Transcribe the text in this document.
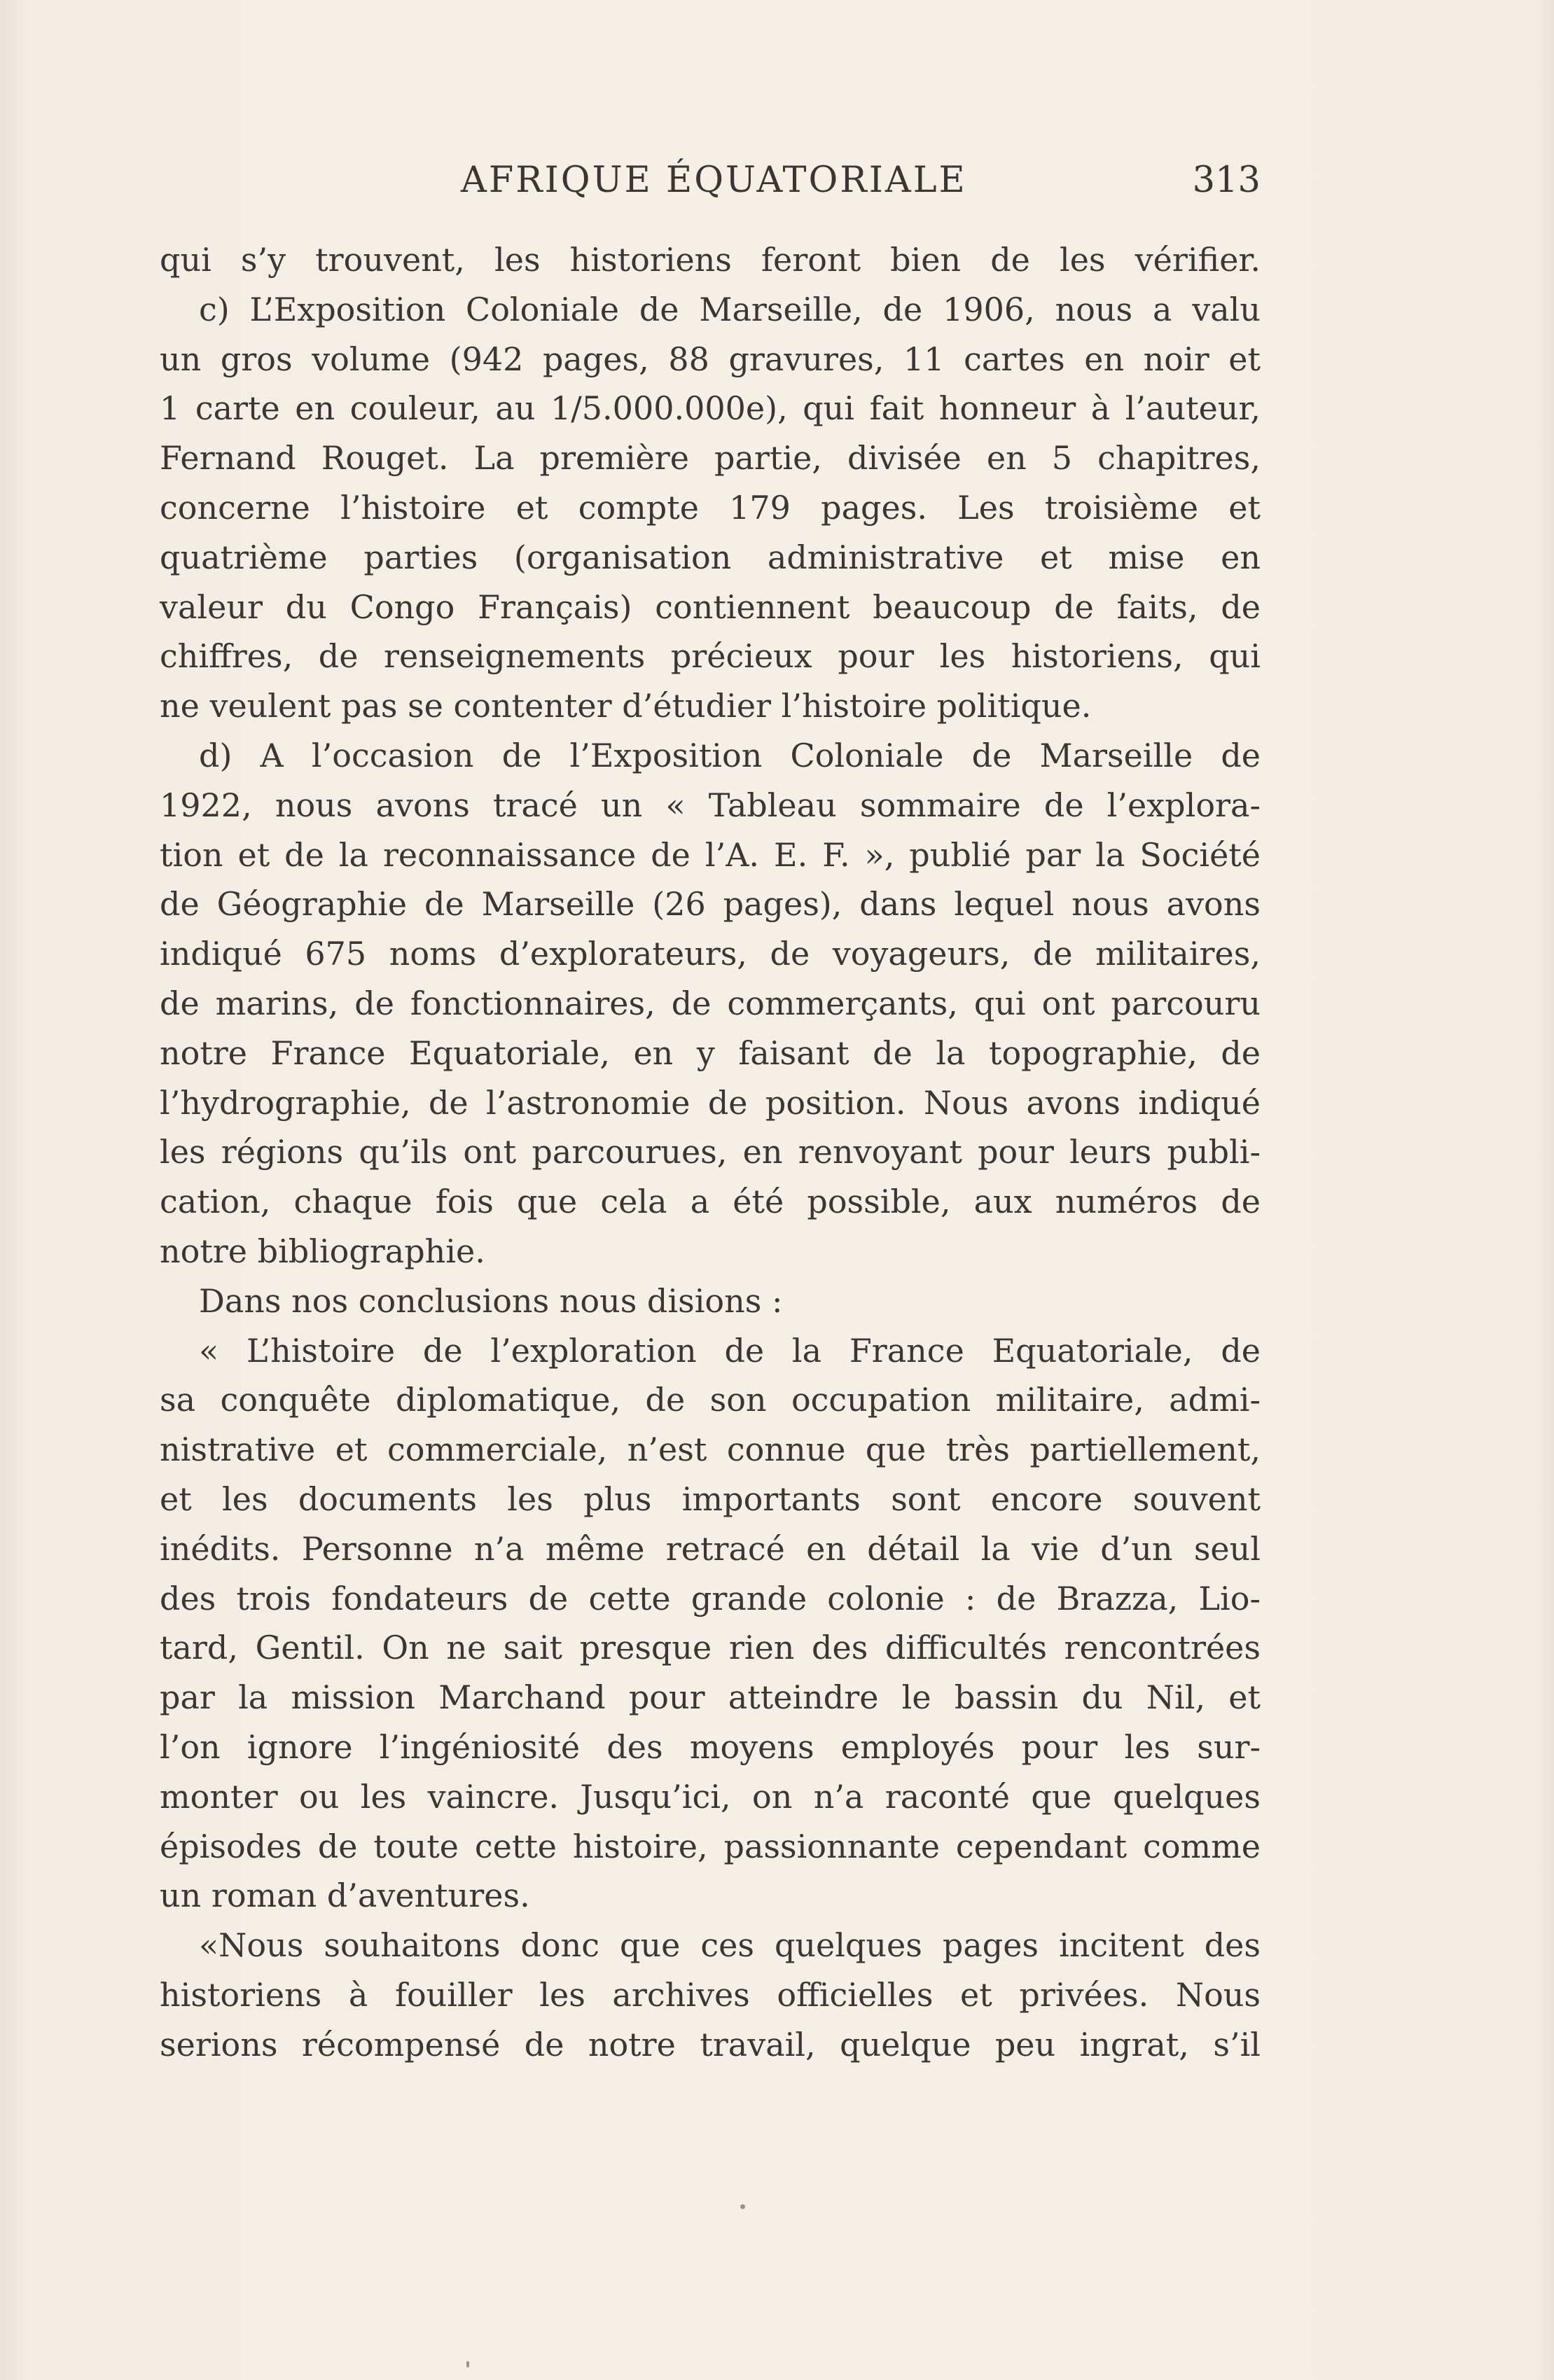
AFRIQUE ÉQUATORIALE	313
qui s’y trouvent, les historiens feront bien de les vérifier.
c) L’Exposition Coloniale de Marseille, de 1906, nous a valu
un gros volume (942 pages, 88 gravures, 11 cartes en noir et
1 carte en couleur, au 1/5.000.000e), qui fait honneur à l’auteur,
Fernand Rouget. La première partie, divisée en 5 chapitres,
concerne l’histoire et compte 179 pages. Les troisième et
quatrième parties (organisation administrative et mise en
valeur du Congo Français) contiennent beaucoup de faits, de
chiffres, de renseignements précieux pour les historiens, qui
ne veulent pas se contenter d’étudier l’histoire politique.
d) A l’occasion de l’Exposition Coloniale de Marseille de
1922, nous avons tracé un « Tableau sommaire de l’explora-
tion et de la reconnaissance de l’A. E. F. », publié par la Société
de Géographie de Marseille (26 pages), dans lequel nous avons
indiqué 675 noms d’explorateurs, de voyageurs, de militaires,
de marins, de fonctionnaires, de commerçants, qui ont parcouru
notre France Equatoriale, en y faisant de la topographie, de
l’hydrographie, de l’astronomie de position. Nous avons indiqué
les régions qu’ils ont parcourues, en renvoyant pour leurs publi-
cation, chaque fois que cela a été possible, aux numéros de
notre bibliographie.
Dans nos conclusions nous disions :
« L’histoire de l’exploration de la France Equatoriale, de
sa conquête diplomatique, de son occupation militaire, admi-
nistrative et commerciale, n’est connue que très partiellement,
et les documents les plus importants sont encore souvent
inédits. Personne n’a même retracé en détail la vie d’un seul
des trois fondateurs de cette grande colonie : de Brazza, Lio-
tard, Gentil. On ne sait presque rien des difficultés rencontrées
par la mission Marchand pour atteindre le bassin du Nil, et
l’on ignore l’ingéniosité des moyens employés pour les sur-
monter ou les vaincre. Jusqu’ici, on n’a raconté que quelques
épisodes de toute cette histoire, passionnante cependant comme
un roman d’aventures.
«Nous souhaitons donc que ces quelques pages incitent des
historiens à fouiller les archives officielles et privées. Nous
serions récompensé de notre travail, quelque peu ingrat, s’il
